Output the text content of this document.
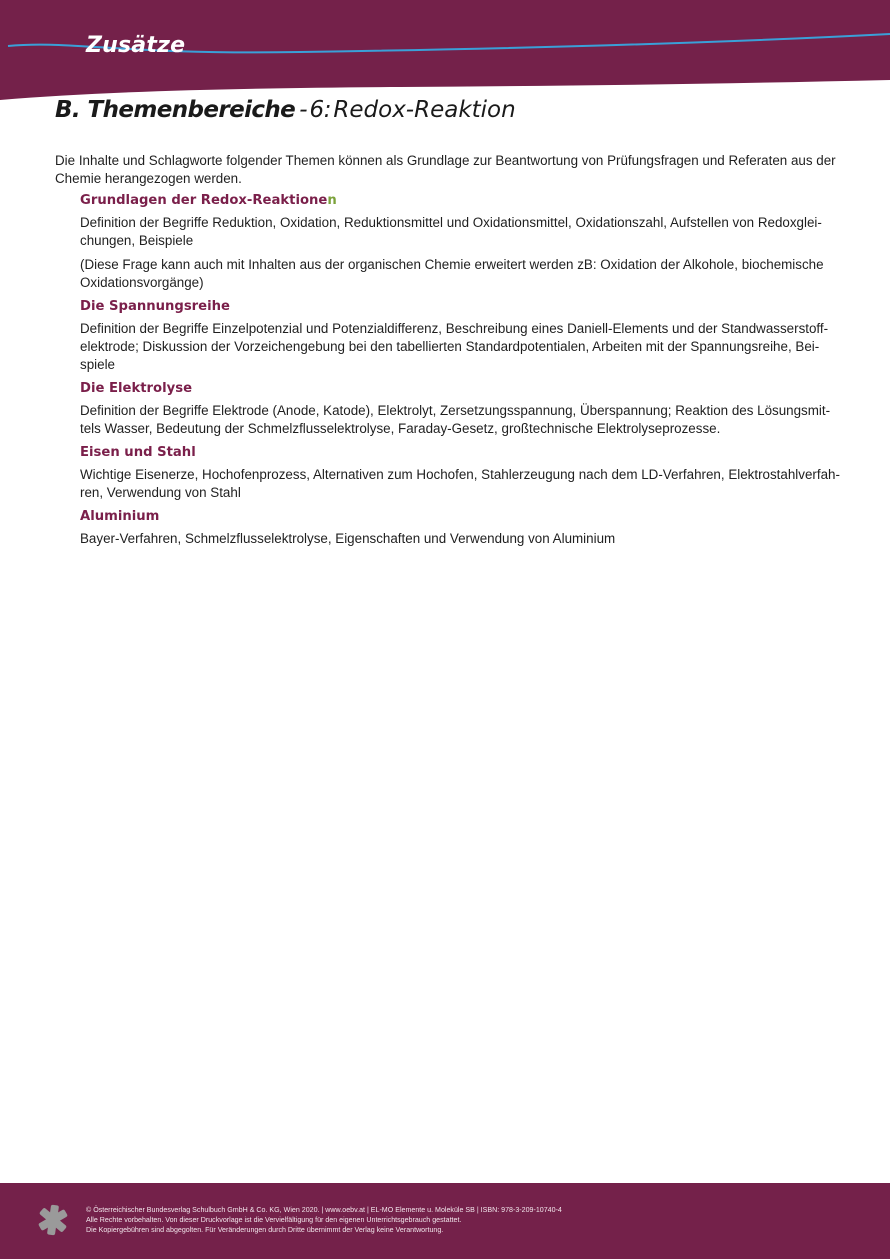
Zusätze
B. Themenbereiche -6: Redox-Reaktion
Die Inhalte und Schlagworte folgender Themen können als Grundlage zur Beantwortung von Prüfungsfragen und Referaten aus der Chemie herangezogen werden.
Grundlagen der Redox-Reaktionen
Definition der Begriffe Reduktion, Oxidation, Reduktionsmittel und Oxidationsmittel, Oxidationszahl, Aufstellen von Redoxglei-chungen, Beispiele
(Diese Frage kann auch mit Inhalten aus der organischen Chemie erweitert werden zB: Oxidation der Alkohole, biochemische Oxidationsvorgänge)
Die Spannungsreihe
Definition der Begriffe Einzelpotenzial und Potenzialdifferenz, Beschreibung eines Daniell-Elements und der Standwasserstoff-elektrode; Diskussion der Vorzeichengebung bei den tabellierten Standardpotentialen, Arbeiten mit der Spannungsreihe, Bei-spiele
Die Elektrolyse
Definition der Begriffe Elektrode (Anode, Katode), Elektrolyt, Zersetzungsspannung, Überspannung; Reaktion des Lösungsmit-tels Wasser, Bedeutung der Schmelzflusselektrolyse, Faraday-Gesetz, großtechnische Elektrolyseprozesse.
Eisen und Stahl
Wichtige Eisenerze, Hochofenprozess, Alternativen zum Hochofen, Stahlerzeugung nach dem LD-Verfahren, Elektrostahlverfah-ren, Verwendung von Stahl
Aluminium
Bayer-Verfahren, Schmelzflusselektrolyse, Eigenschaften und Verwendung von Aluminium
© Österreichischer Bundesverlag Schulbuch GmbH & Co. KG, Wien 2020. | www.oebv.at | EL-MO Elemente u. Moleküle SB | ISBN: 978-3-209-10740-4
Alle Rechte vorbehalten. Von dieser Druckvorlage ist die Vervielfältigung für den eigenen Unterrichtsgebrauch gestattet.
Die Kopiergebühren sind abgegolten. Für Veränderungen durch Dritte übernimmt der Verlag keine Verantwortung.
